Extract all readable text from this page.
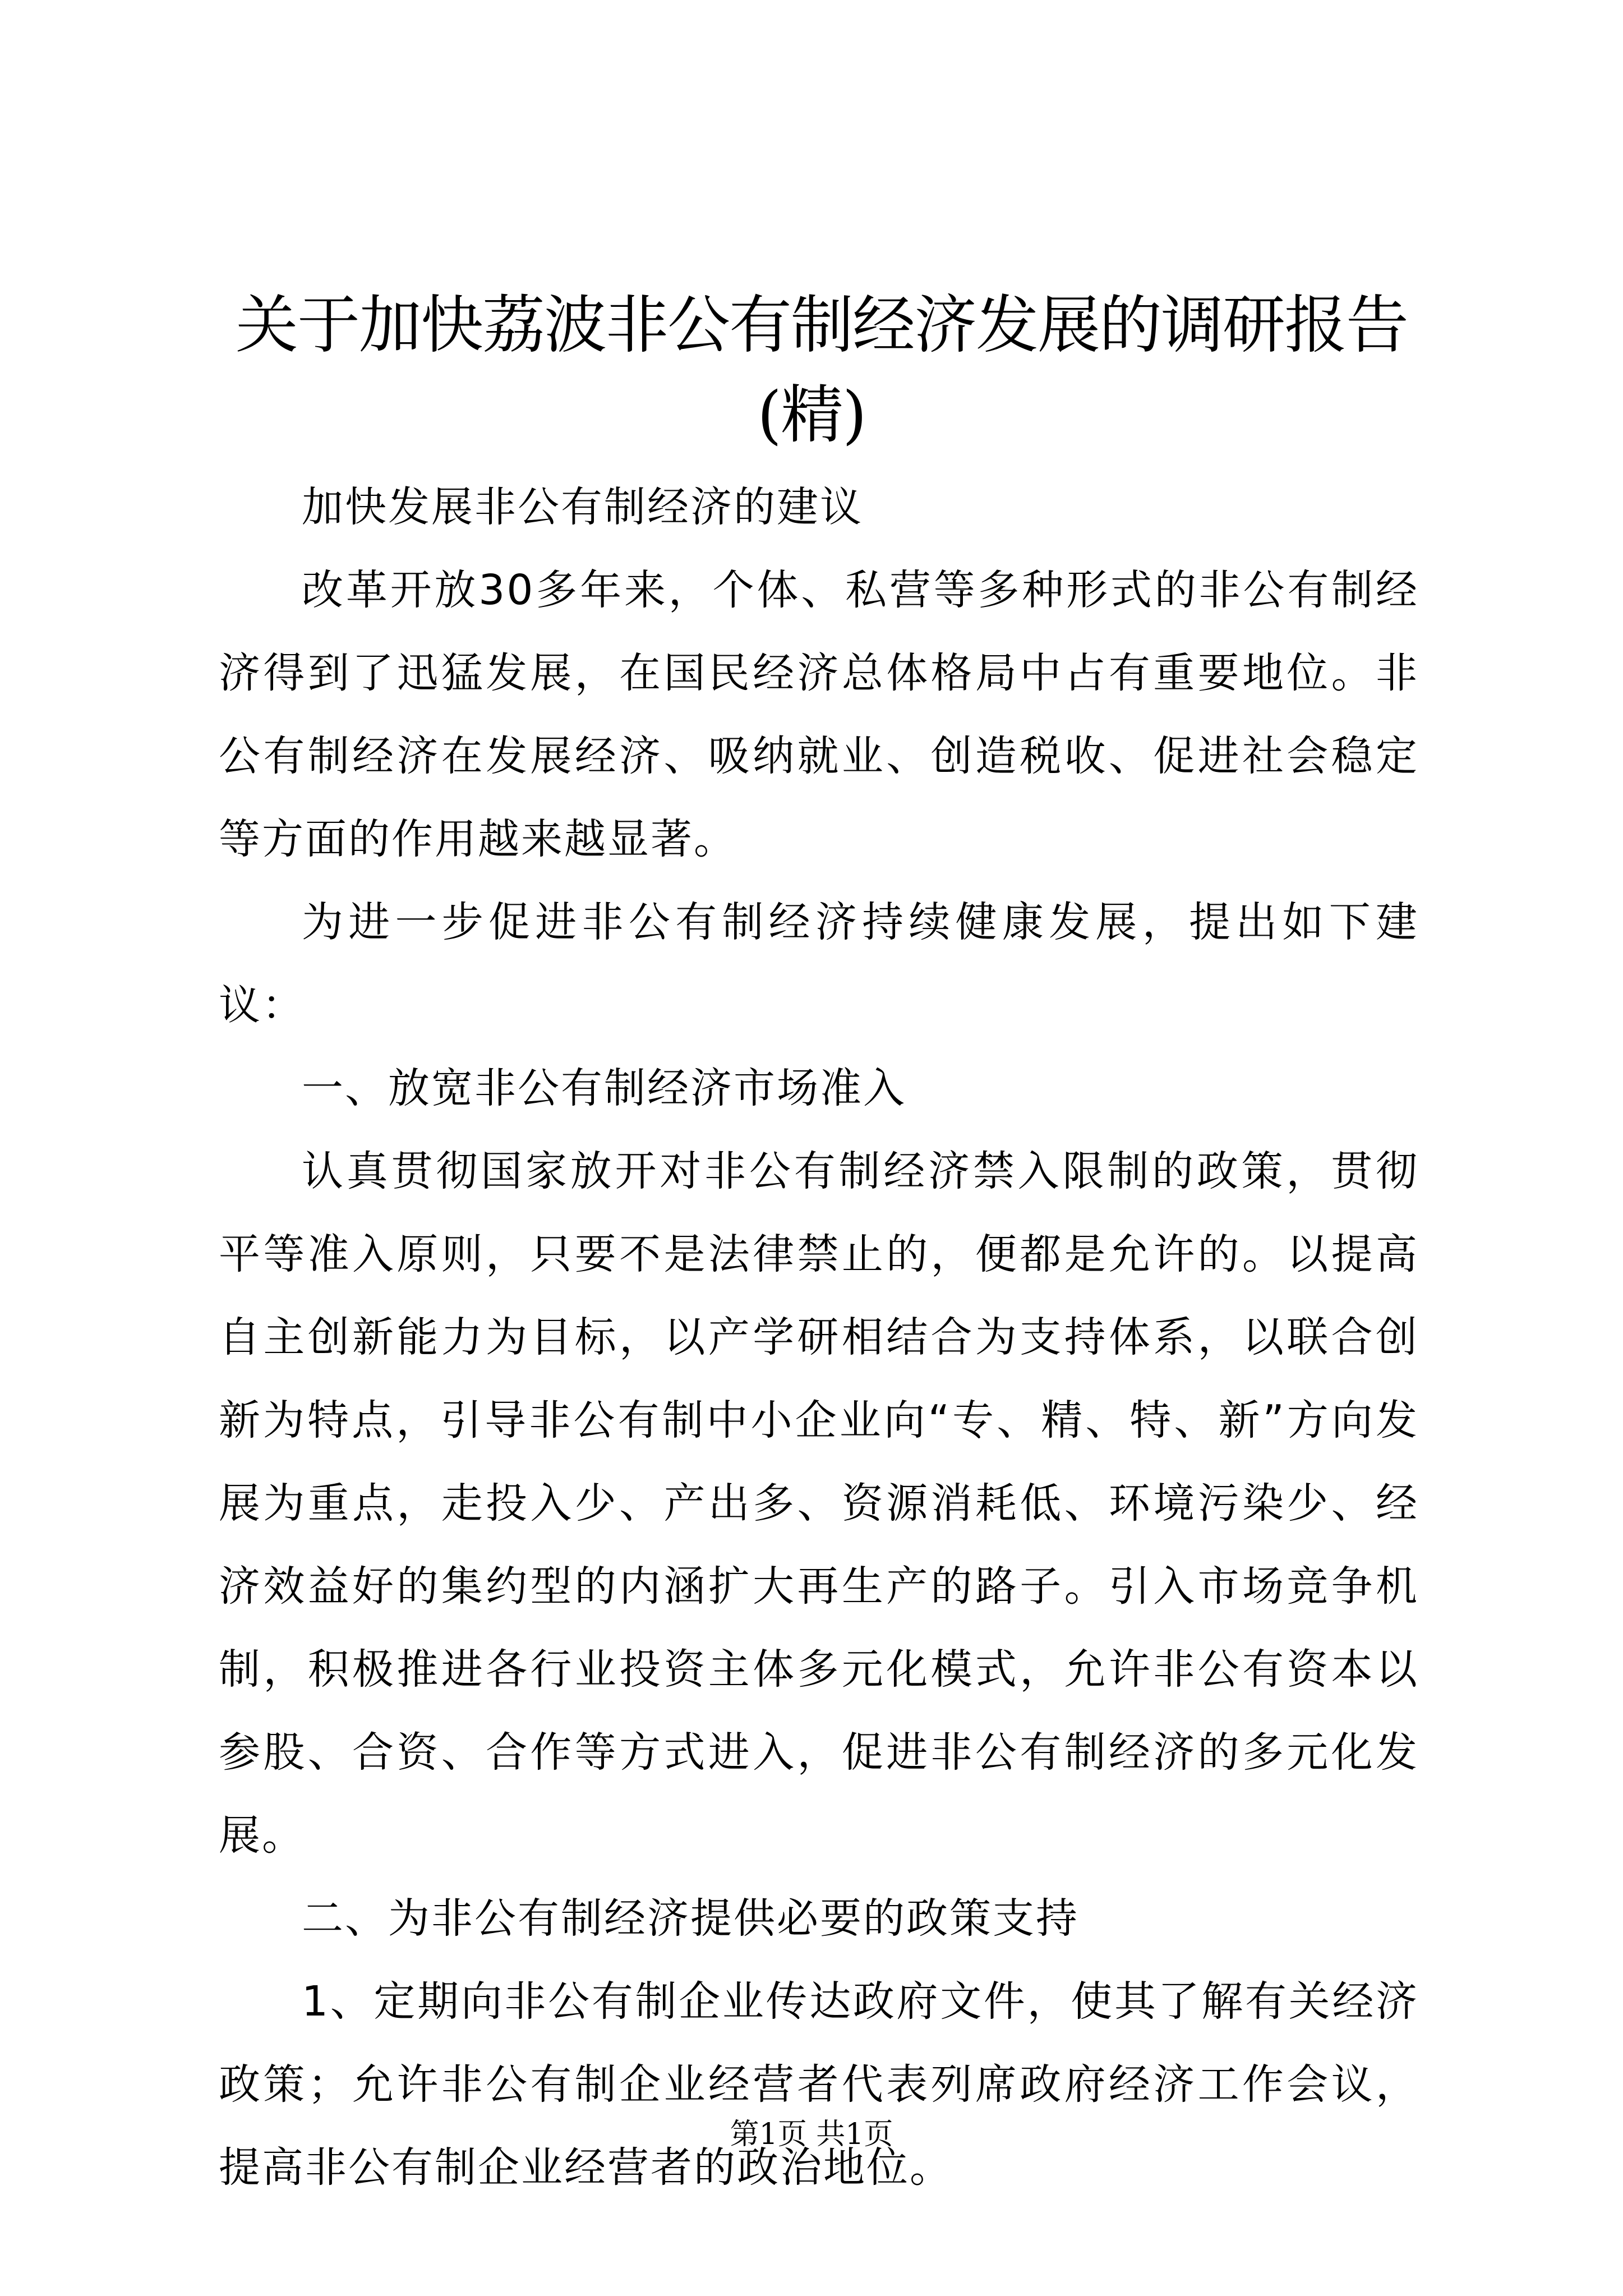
关于加快荔波非公有制经济发展的调研报告
(精)

加快发展非公有制经济的建议

改革开放30多年来，个体、私营等多种形式的非公有制经济得到了迅猛发展，在国民经济总体格局中占有重要地位。非公有制经济在发展经济、吸纳就业、创造税收、促进社会稳定等方面的作用越来越显著。

为进一步促进非公有制经济持续健康发展，提出如下建议：

一、放宽非公有制经济市场准入

认真贯彻国家放开对非公有制经济禁入限制的政策，贯彻平等准入原则，只要不是法律禁止的，便都是允许的。以提高自主创新能力为目标，以产学研相结合为支持体系，以联合创新为特点，引导非公有制中小企业向“专、精、特、新”方向发展为重点，走投入少、产出多、资源消耗低、环境污染少、经济效益好的集约型的内涵扩大再生产的路子。引入市场竞争机制，积极推进各行业投资主体多元化模式，允许非公有资本以参股、合资、合作等方式进入，促进非公有制经济的多元化发展。

二、为非公有制经济提供必要的政策支持

1、定期向非公有制企业传达政府文件，使其了解有关经济政策；允许非公有制企业经营者代表列席政府经济工作会议，提高非公有制企业经营者的政治地位。

第1页 共1页
